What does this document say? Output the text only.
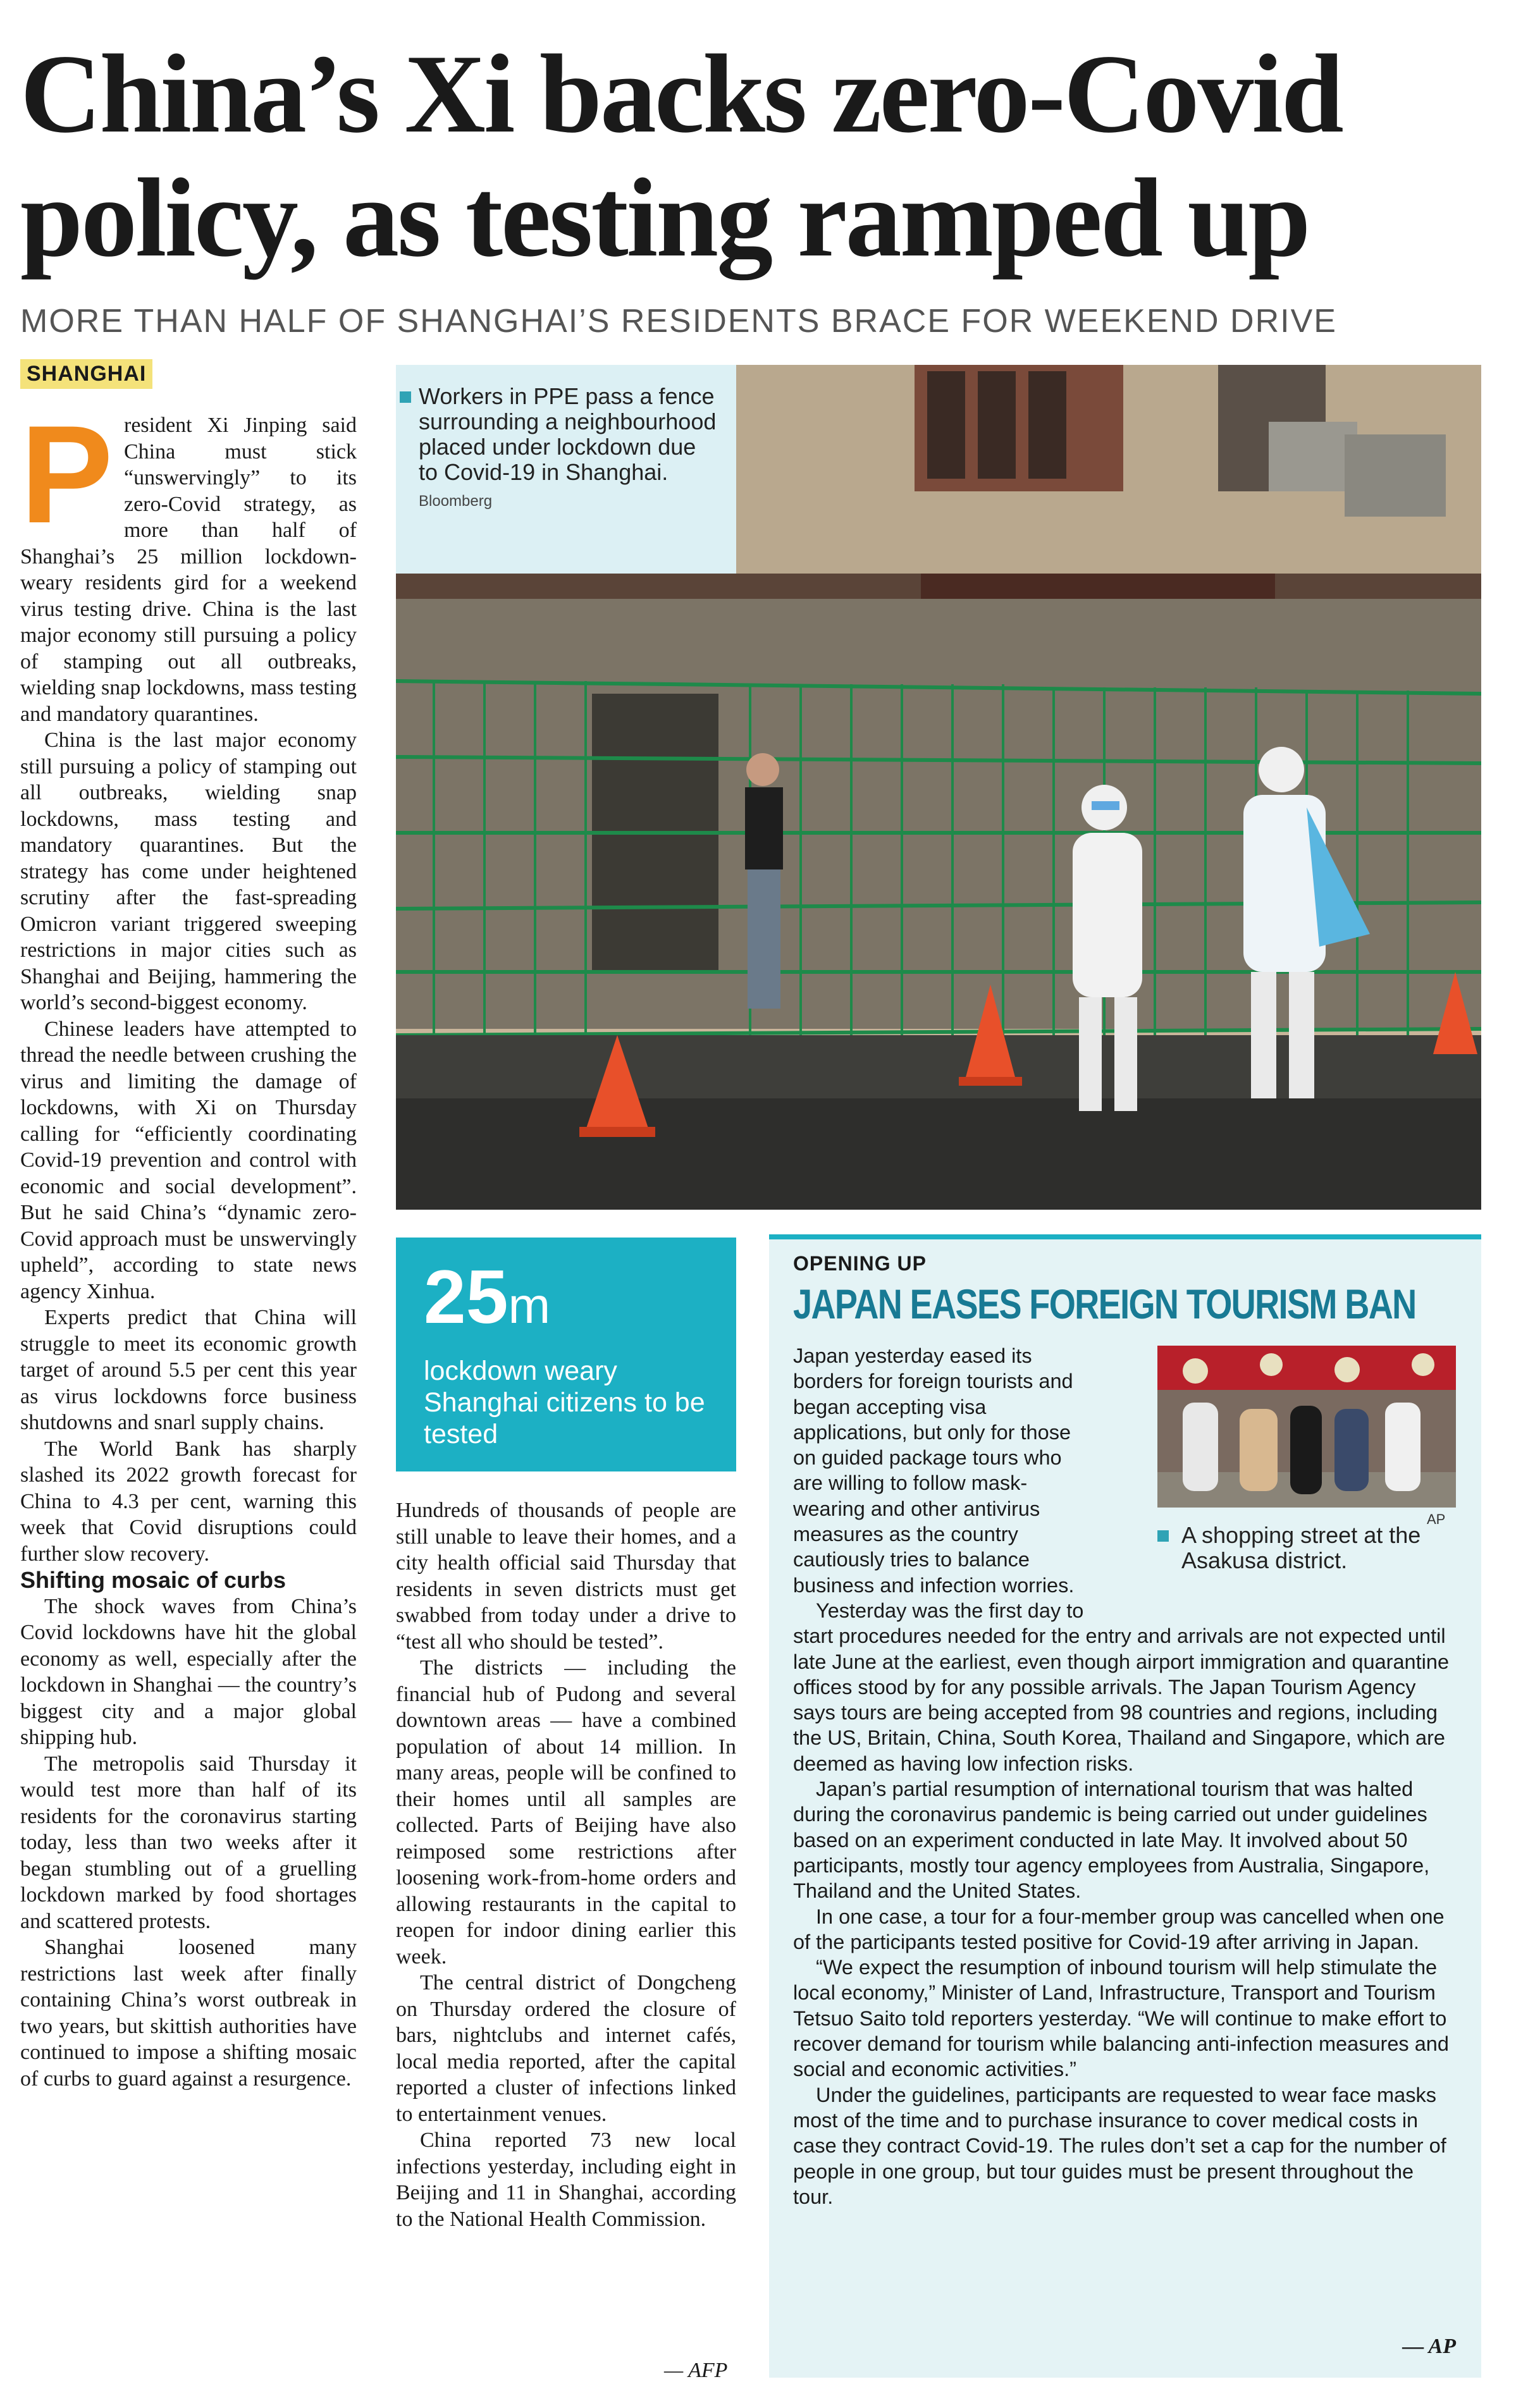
China’s Xi backs zero-Covid policy, as testing ramped up
MORE THAN HALF OF SHANGHAI’S RESIDENTS BRACE FOR WEEKEND DRIVE
SHANGHAI
P resident Xi Jinping said China must stick “unswervingly” to its zero-Covid strategy, as more than half of Shanghai’s 25 million lockdown-weary residents gird for a weekend virus testing drive. China is the last major economy still pursuing a policy of stamping out all outbreaks, wielding snap lockdowns, mass testing and mandatory quarantines.

China is the last major economy still pursuing a policy of stamping out all outbreaks, wielding snap lockdowns, mass testing and mandatory quarantines. But the strategy has come under heightened scrutiny after the fast-spreading Omicron variant triggered sweeping restrictions in major cities such as Shanghai and Beijing, hammering the world’s second-biggest economy.

Chinese leaders have attempted to thread the needle between crushing the virus and limiting the damage of lockdowns, with Xi on Thursday calling for “efficiently coordinating Covid-19 prevention and control with economic and social development”. But he said China’s “dynamic zero-Covid approach must be unswervingly upheld”, according to state news agency Xinhua.

Experts predict that China will struggle to meet its economic growth target of around 5.5 per cent this year as virus lockdowns force business shutdowns and snarl supply chains.

The World Bank has sharply slashed its 2022 growth forecast for China to 4.3 per cent, warning this week that Covid disruptions could further slow recovery.

Shifting mosaic of curbs

The shock waves from China’s Covid lockdowns have hit the global economy as well, especially after the lockdown in Shanghai — the country’s biggest city and a major global shipping hub.

The metropolis said Thursday it would test more than half of its residents for the coronavirus starting today, less than two weeks after it began stumbling out of a gruelling lockdown marked by food shortages and scattered protests.

Shanghai loosened many restrictions last week after finally containing China’s worst outbreak in two years, but skittish authorities have continued to impose a shifting mosaic of curbs to guard against a resurgence.

Workers in PPE pass a fence surrounding a neighbourhood placed under lockdown due to Covid-19 in Shanghai.
Bloomberg
25m
lockdown weary Shanghai citizens to be tested

Hundreds of thousands of people are still unable to leave their homes, and a city health official said Thursday that residents in seven districts must get swabbed from today under a drive to “test all who should be tested”.

The districts — including the financial hub of Pudong and several downtown areas — have a combined population of about 14 million. In many areas, people will be confined to their homes until all samples are collected. Parts of Beijing have also reimposed some restrictions after loosening work-from-home orders and allowing restaurants in the capital to reopen for indoor dining earlier this week.

The central district of Dongcheng on Thursday ordered the closure of bars, nightclubs and internet cafés, local media reported, after the capital reported a cluster of infections linked to entertainment venues.

China reported 73 new local infections yesterday, including eight in Beijing and 11 in Shanghai, according to the National Health Commission.

— AFP
OPENING UP
JAPAN EASES FOREIGN TOURISM BAN

Japan yesterday eased its borders for foreign tourists and began accepting visa applications, but only for those on guided package tours who are willing to follow mask-wearing and other antivirus measures as the country cautiously tries to balance business and infection worries.

Yesterday was the first day to start procedures needed for the entry and arrivals are not expected until late June at the earliest, even though airport immigration and quarantine offices stood by for any possible arrivals. The Japan Tourism Agency says tours are being accepted from 98 countries and regions, including the US, Britain, China, South Korea, Thailand and Singapore, which are deemed as having low infection risks.

Japan’s partial resumption of international tourism that was halted during the coronavirus pandemic is being carried out under guidelines based on an experiment conducted in late May. It involved about 50 participants, mostly tour agency employees from Australia, Singapore, Thailand and the United States.

In one case, a tour for a four-member group was cancelled when one of the participants tested positive for Covid-19 after arriving in Japan.

“We expect the resumption of inbound tourism will help stimulate the local economy,” Minister of Land, Infrastructure, Transport and Tourism Tetsuo Saito told reporters yesterday. “We will continue to make effort to recover demand for tourism while balancing anti-infection measures and social and economic activities.”

Under the guidelines, participants are requested to wear face masks most of the time and to purchase insurance to cover medical costs in case they contract Covid-19. The rules don’t set a cap for the number of people in one group, but tour guides must be present throughout the tour.

AP
A shopping street at the Asakusa district.
— AP
